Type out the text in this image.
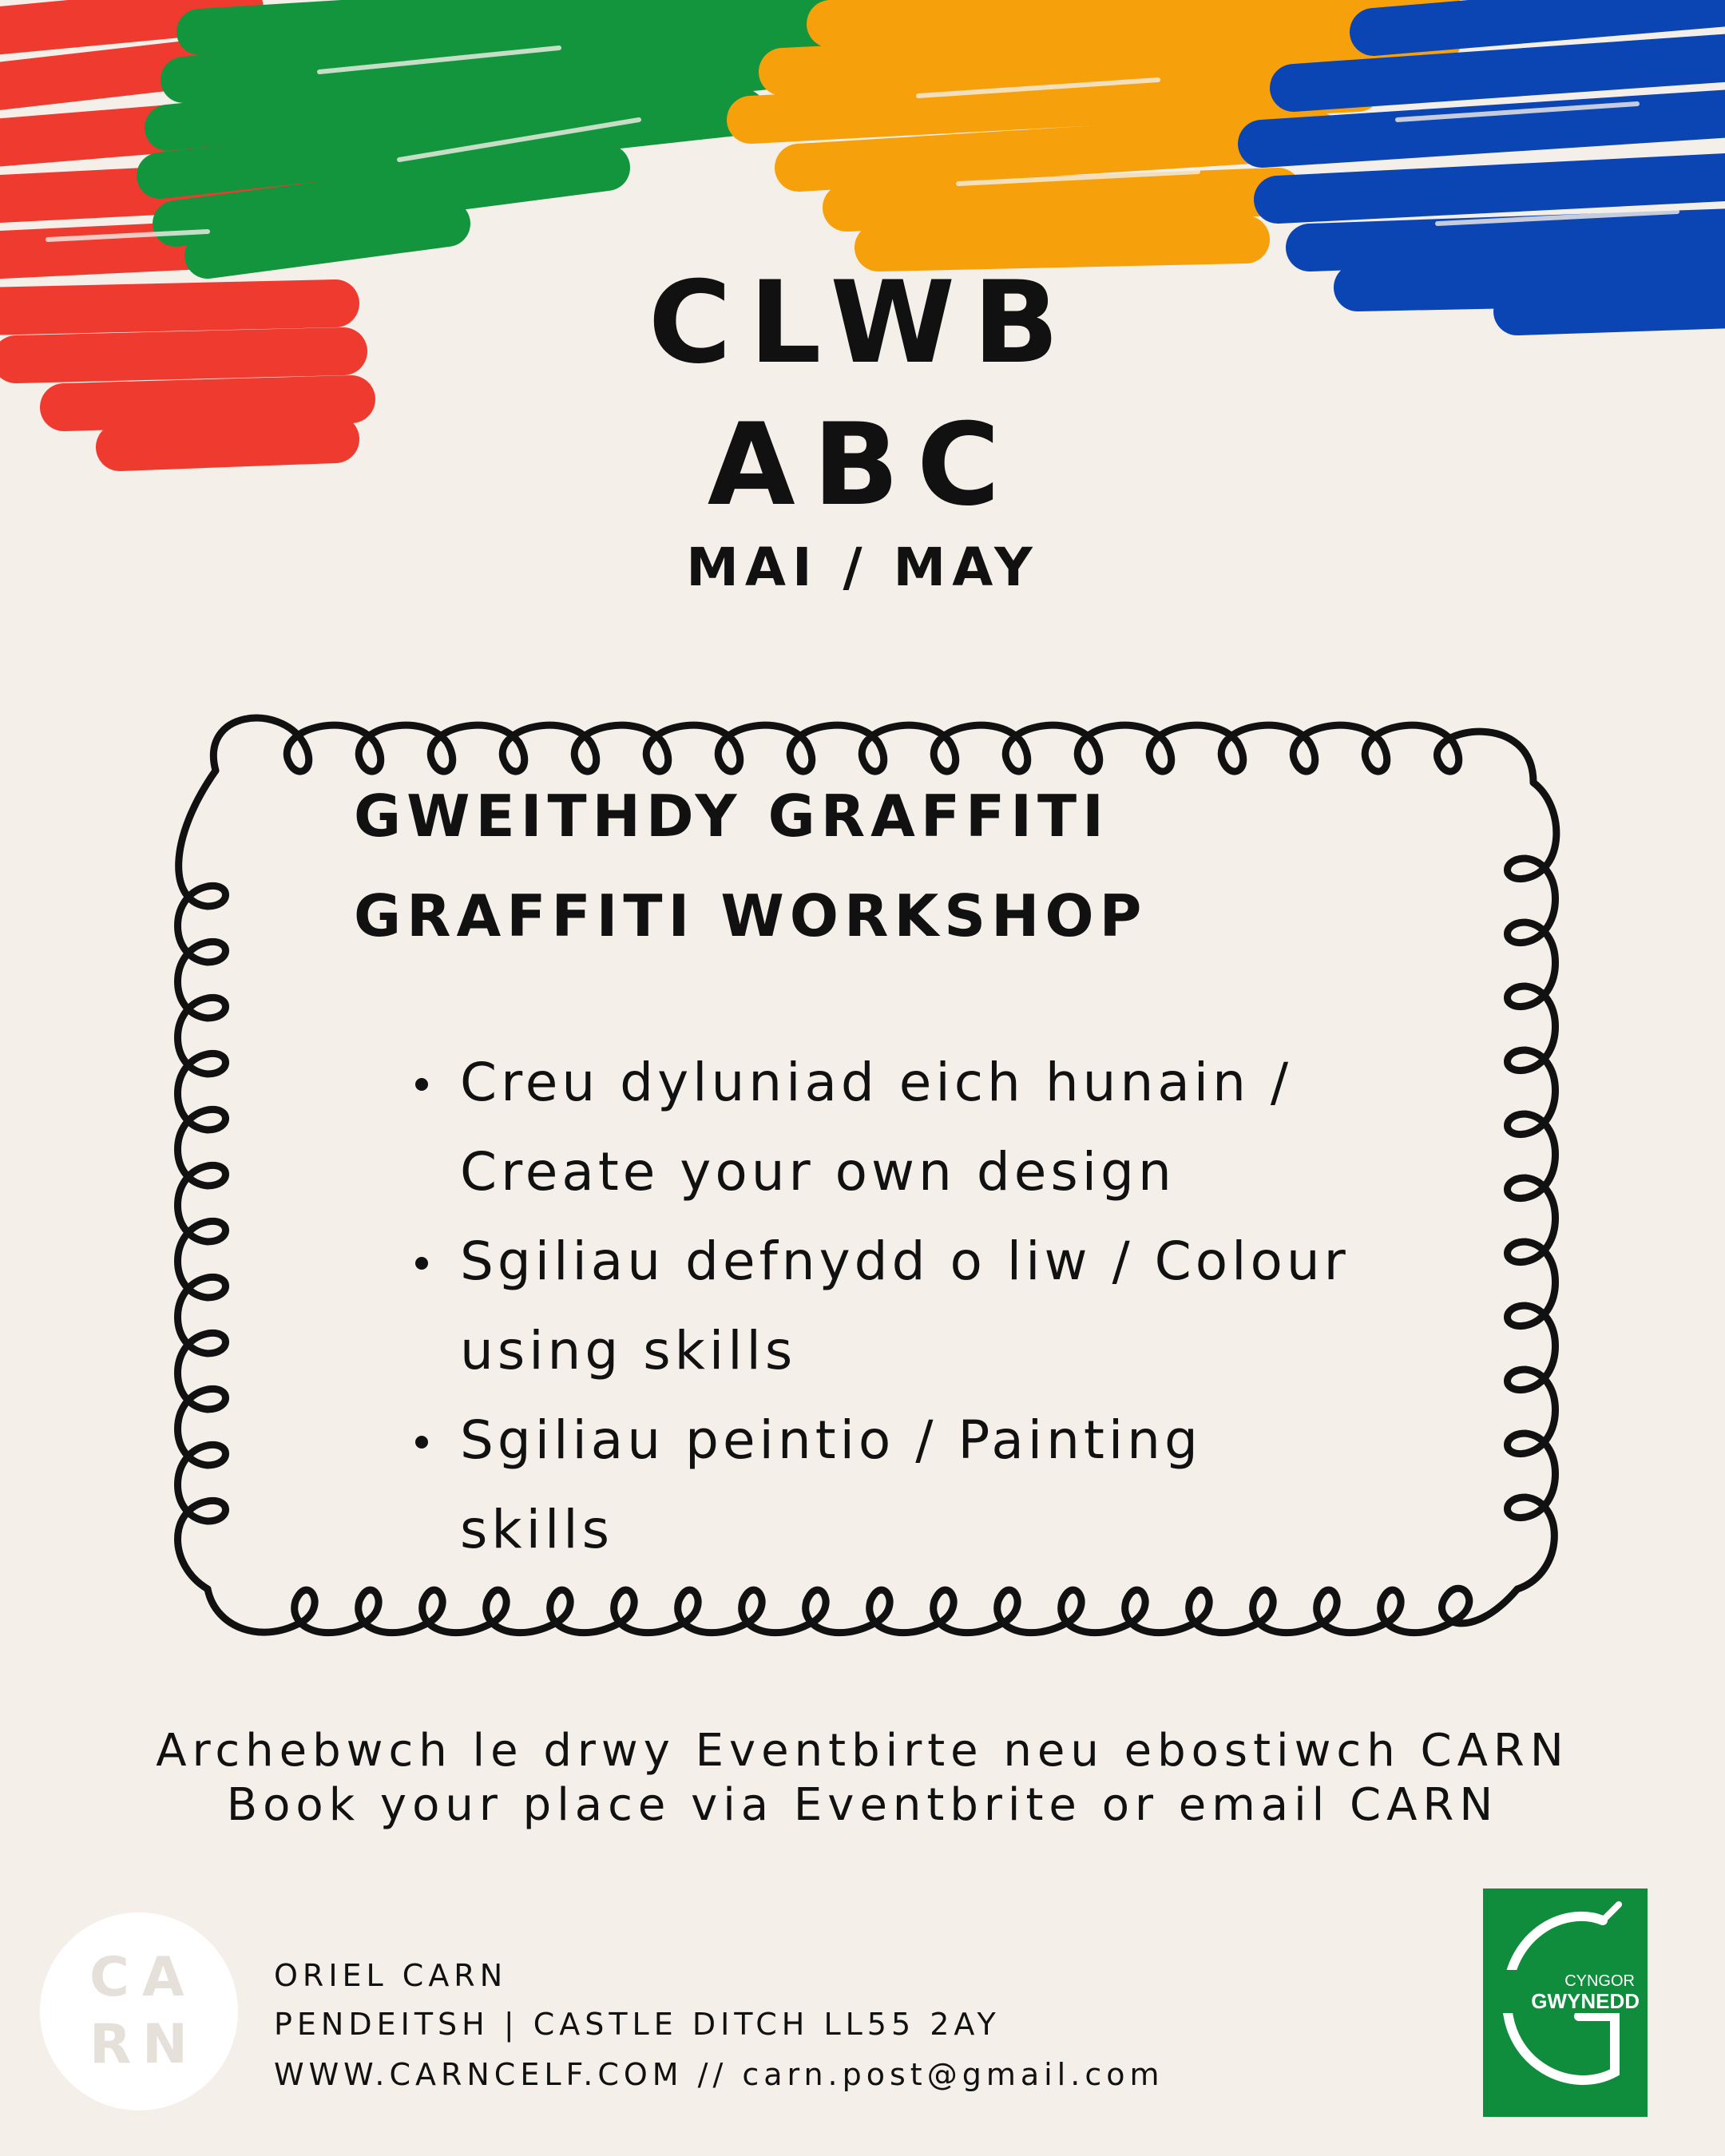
CLWB
ABC
MAI / MAY
GWEITHDY GRAFFITI
GRAFFITI WORKSHOP
Creu dyluniad eich hunain /
Create your own design
Sgiliau defnydd o liw / Colour
using skills
Sgiliau peintio / Painting
skills
Archebwch le drwy Eventbirte neu ebostiwch CARN
Book your place via Eventbrite or email CARN
C A
R N
ORIEL CARN
PENDEITSH | CASTLE DITCH LL55 2AY
WWW.CARNCELF.COM // carn.post@gmail.com
CYNGOR
GWYNEDD
